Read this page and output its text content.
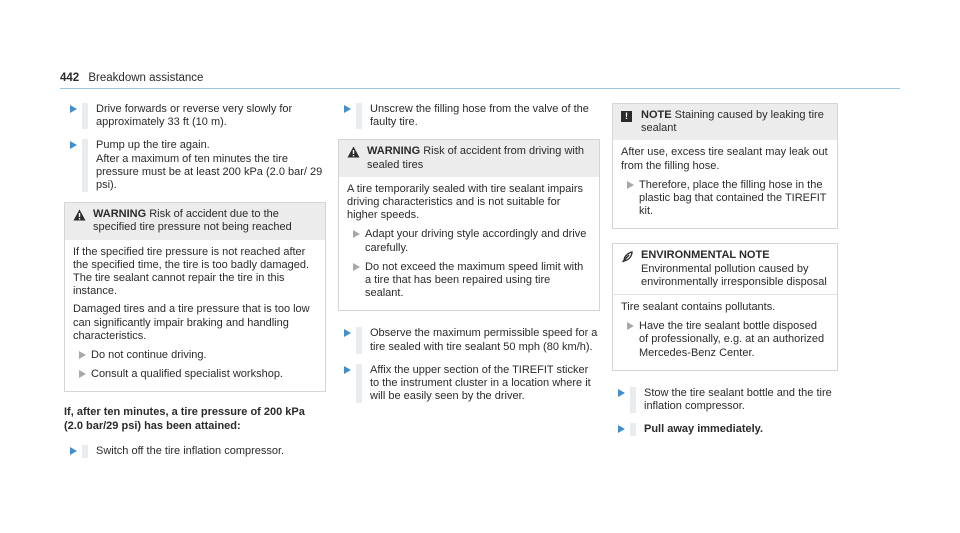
442 Breakdown assistance
Drive forwards or reverse very slowly for approximately 33 ft (10 m).
Pump up the tire again.
After a maximum of ten minutes the tire pressure must be at least 200 kPa (2.0 bar/ 29 psi).
WARNING Risk of accident due to the specified tire pressure not being reached
If the specified tire pressure is not reached after the specified time, the tire is too badly damaged. The tire sealant cannot repair the tire in this instance.
Damaged tires and a tire pressure that is too low can significantly impair braking and handling characteristics.
Do not continue driving.
Consult a qualified specialist workshop.
If, after ten minutes, a tire pressure of 200 kPa (2.0 bar/29 psi) has been attained:
Switch off the tire inflation compressor.
Unscrew the filling hose from the valve of the faulty tire.
WARNING Risk of accident from driving with sealed tires
A tire temporarily sealed with tire sealant impairs driving characteristics and is not suitable for higher speeds.
Adapt your driving style accordingly and drive carefully.
Do not exceed the maximum speed limit with a tire that has been repaired using tire sealant.
Observe the maximum permissible speed for a tire sealed with tire sealant 50 mph (80 km/h).
Affix the upper section of the TIREFIT sticker to the instrument cluster in a location where it will be easily seen by the driver.
!	NOTE Staining caused by leaking tire sealant
After use, excess tire sealant may leak out from the filling hose.
Therefore, place the filling hose in the plastic bag that contained the TIREFIT kit.
ENVIRONMENTAL NOTE Environmental pollution caused by environmentally irresponsible disposal
Tire sealant contains pollutants.
Have the tire sealant bottle disposed of professionally, e.g. at an authorized Mercedes-Benz Center.
Stow the tire sealant bottle and the tire inflation compressor.
Pull away immediately.
